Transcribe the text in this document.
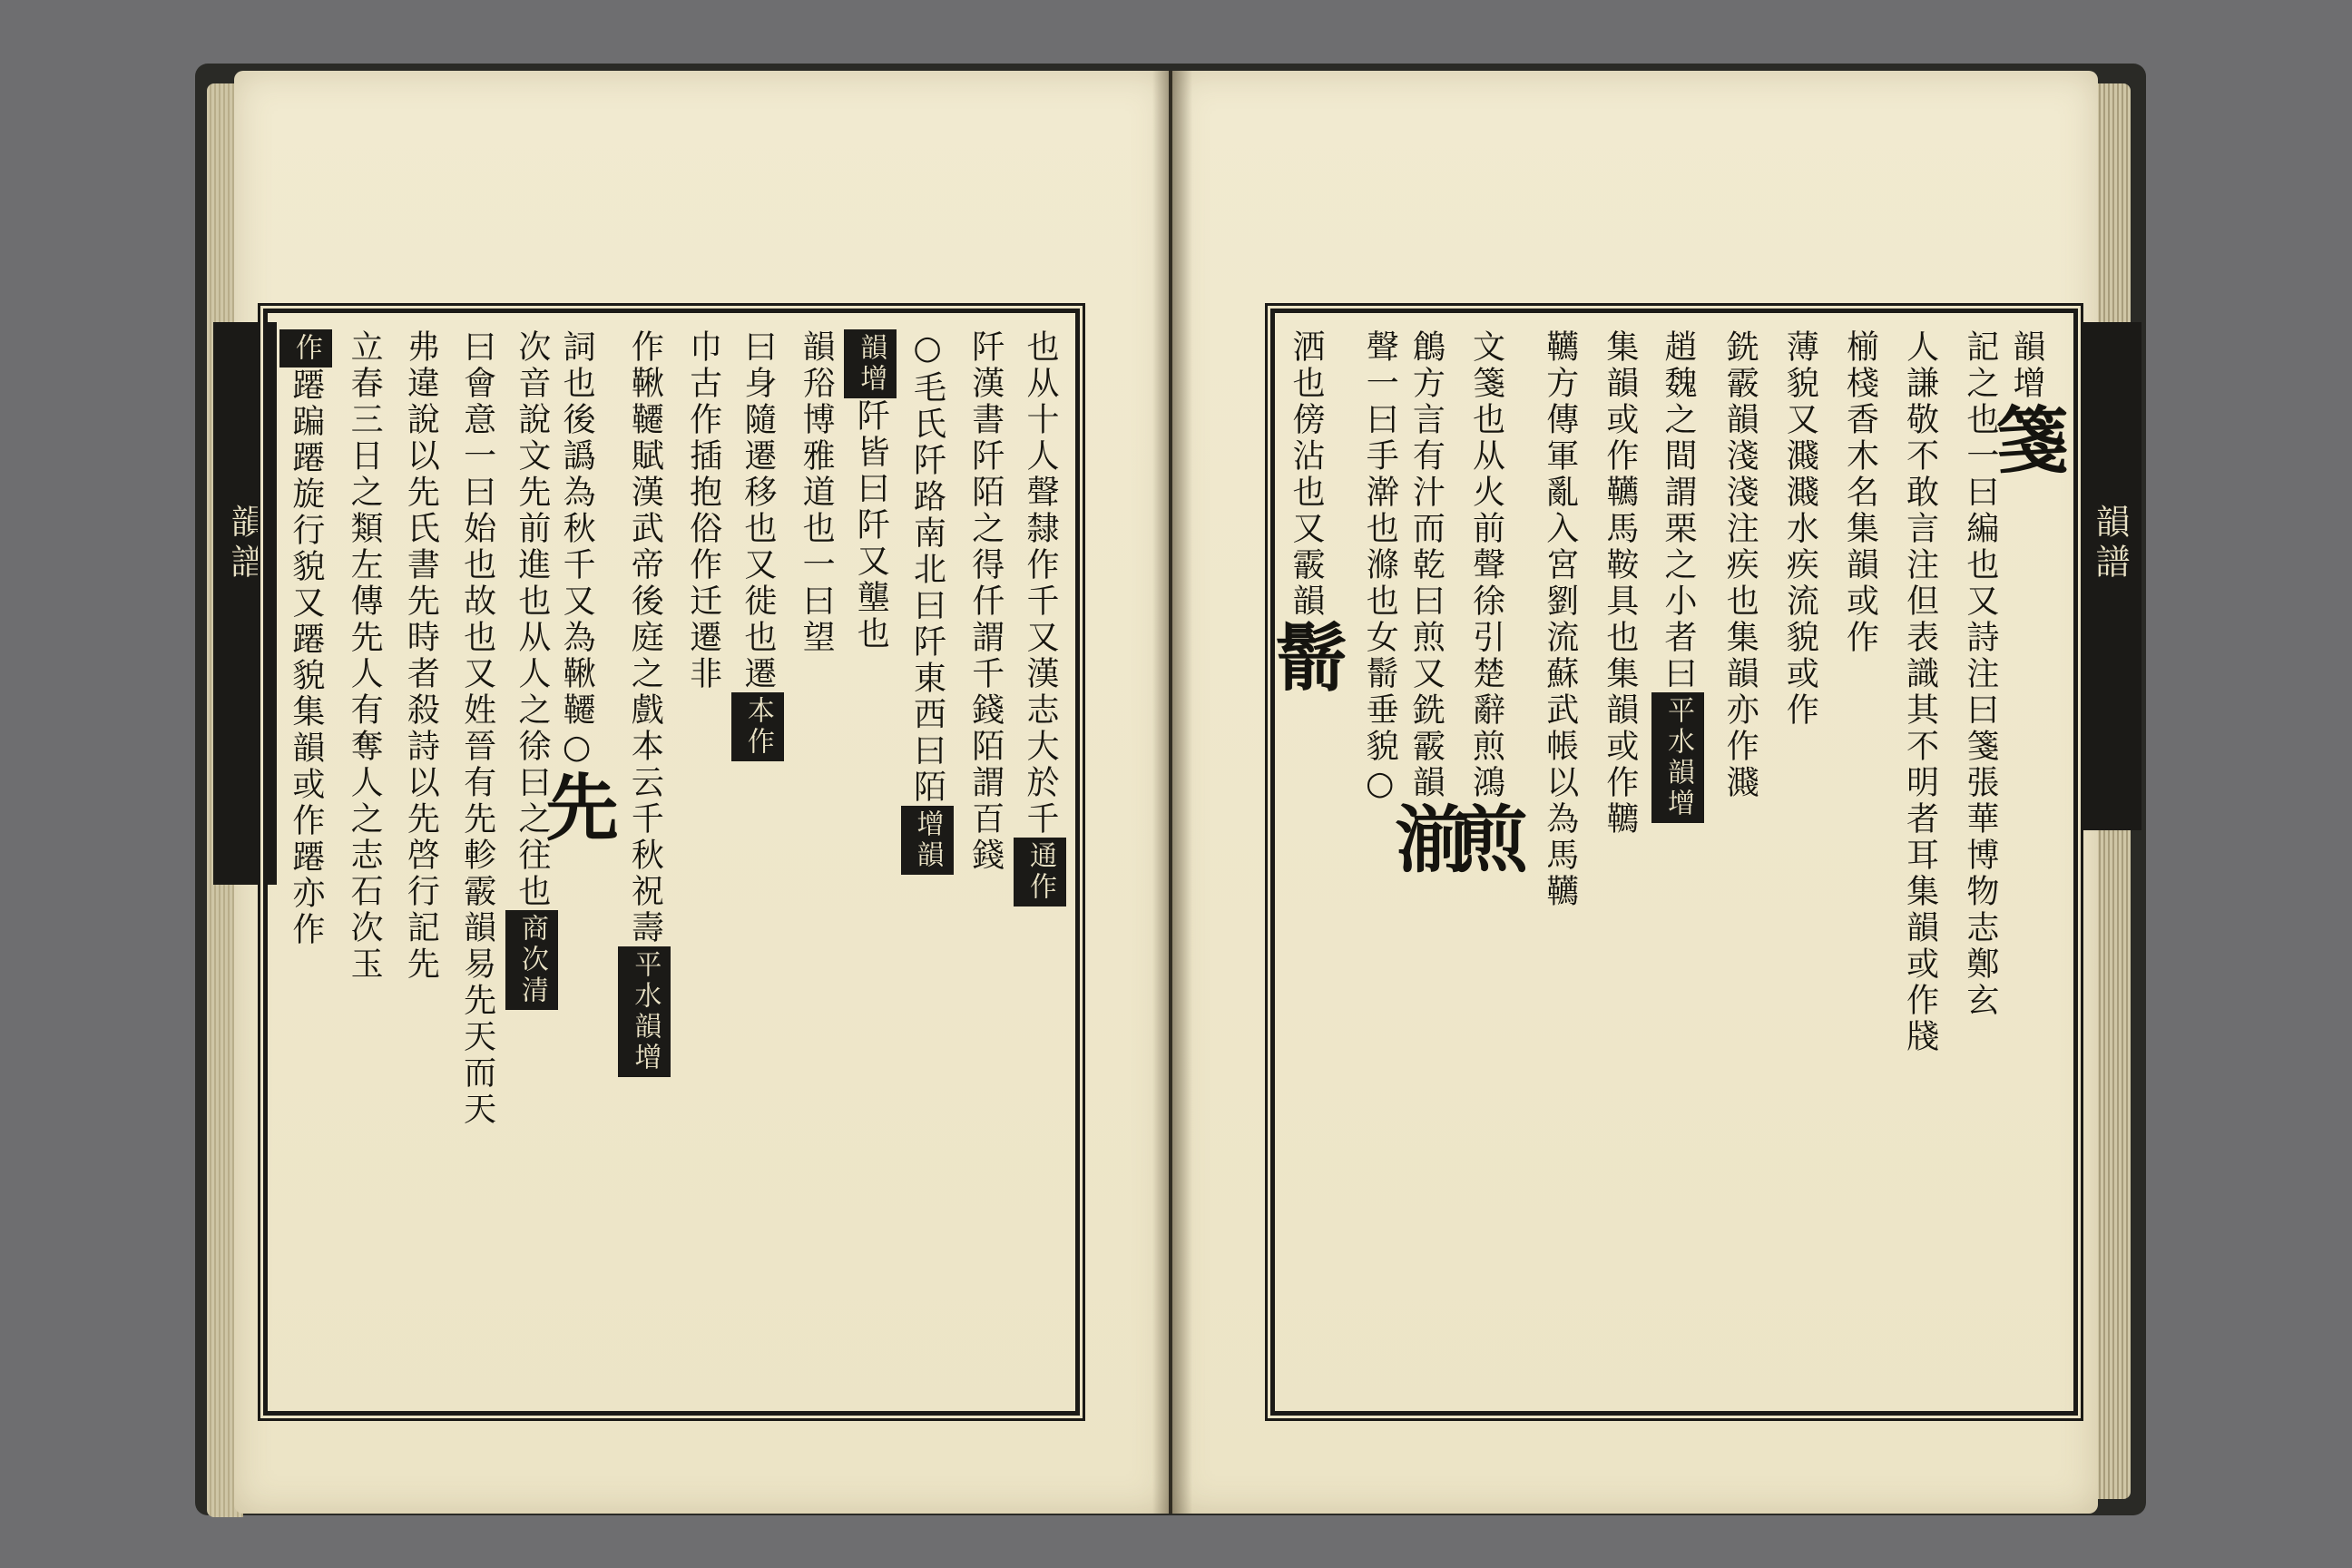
韻譜	韻譜
也从十人聲隸作千又漢志大於千通作
阡漢書阡陌之得仟謂千錢陌謂百錢
○毛氏阡路南北曰阡東西曰陌增韻
韻增阡皆曰阡又壟也
韻谸博雅道也一曰望
曰身隨遷移也又徙也遷本作
巾古作插抱俗作迁遷非
作鞦韆賦漢武帝後庭之戲本云千秋祝壽平水韻增
詞也後譌為秋千又為鞦韆○先
次音說文先前進也从人之徐曰之往也商次清
曰會意一曰始也故也又姓晉有先軫霰韻易先天而天
弗違說以先氏書先時者殺詩以先啓行記先
立春三日之類左傳先人有奪人之志石次玉
作蹮蹁蹮旋行貌又蹮貌集韻或作蹮亦作
韻增箋
記之也一曰編也又詩注曰箋張華博物志鄭玄
人謙敬不敢言注但表識其不明者耳集韻或作牋
椾棧香木名集韻或作
薄貌又濺濺水疾流貌或作
銑霰韻淺淺注疾也集韻亦作濺
趙魏之間謂栗之小者曰平水韻增
集韻或作韉馬鞍具也集韻或作韀
韉方傳軍亂入宮劉流蘇武帳以為馬韉
文箋也从火前聲徐引楚辭煎鴻煎
鶬方言有汁而乾曰煎又銑霰韻湔
聲一曰手澣也滌也女鬋垂貌○
洒也傍沾也又霰韻鬋
